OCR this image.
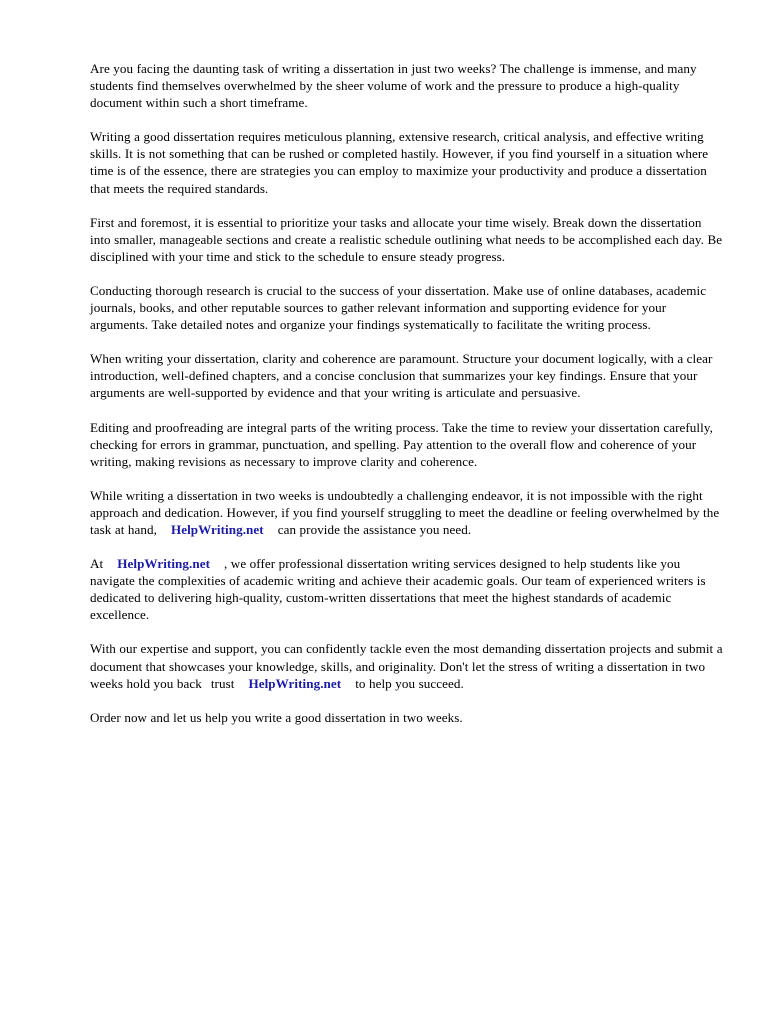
Are you facing the daunting task of writing a dissertation in just two weeks? The challenge is immense, and many students find themselves overwhelmed by the sheer volume of work and the pressure to produce a high-quality document within such a short timeframe.

Writing a good dissertation requires meticulous planning, extensive research, critical analysis, and effective writing skills. It is not something that can be rushed or completed hastily. However, if you find yourself in a situation where time is of the essence, there are strategies you can employ to maximize your productivity and produce a dissertation that meets the required standards.

First and foremost, it is essential to prioritize your tasks and allocate your time wisely. Break down the dissertation into smaller, manageable sections and create a realistic schedule outlining what needs to be accomplished each day. Be disciplined with your time and stick to the schedule to ensure steady progress.

Conducting thorough research is crucial to the success of your dissertation. Make use of online databases, academic journals, books, and other reputable sources to gather relevant information and supporting evidence for your arguments. Take detailed notes and organize your findings systematically to facilitate the writing process.

When writing your dissertation, clarity and coherence are paramount. Structure your document logically, with a clear introduction, well-defined chapters, and a concise conclusion that summarizes your key findings. Ensure that your arguments are well-supported by evidence and that your writing is articulate and persuasive.

Editing and proofreading are integral parts of the writing process. Take the time to review your dissertation carefully, checking for errors in grammar, punctuation, and spelling. Pay attention to the overall flow and coherence of your writing, making revisions as necessary to improve clarity and coherence.

While writing a dissertation in two weeks is undoubtedly a challenging endeavor, it is not impossible with the right approach and dedication. However, if you find yourself struggling to meet the deadline or feeling overwhelmed by the task at hand, HelpWriting.net can provide the assistance you need.

At HelpWriting.net , we offer professional dissertation writing services designed to help students like you navigate the complexities of academic writing and achieve their academic goals. Our team of experienced writers is dedicated to delivering high-quality, custom-written dissertations that meet the highest standards of academic excellence.

With our expertise and support, you can confidently tackle even the most demanding dissertation projects and submit a document that showcases your knowledge, skills, and originality. Don't let the stress of writing a dissertation in two weeks hold you back trust HelpWriting.net to help you succeed.

Order now and let us help you write a good dissertation in two weeks.
